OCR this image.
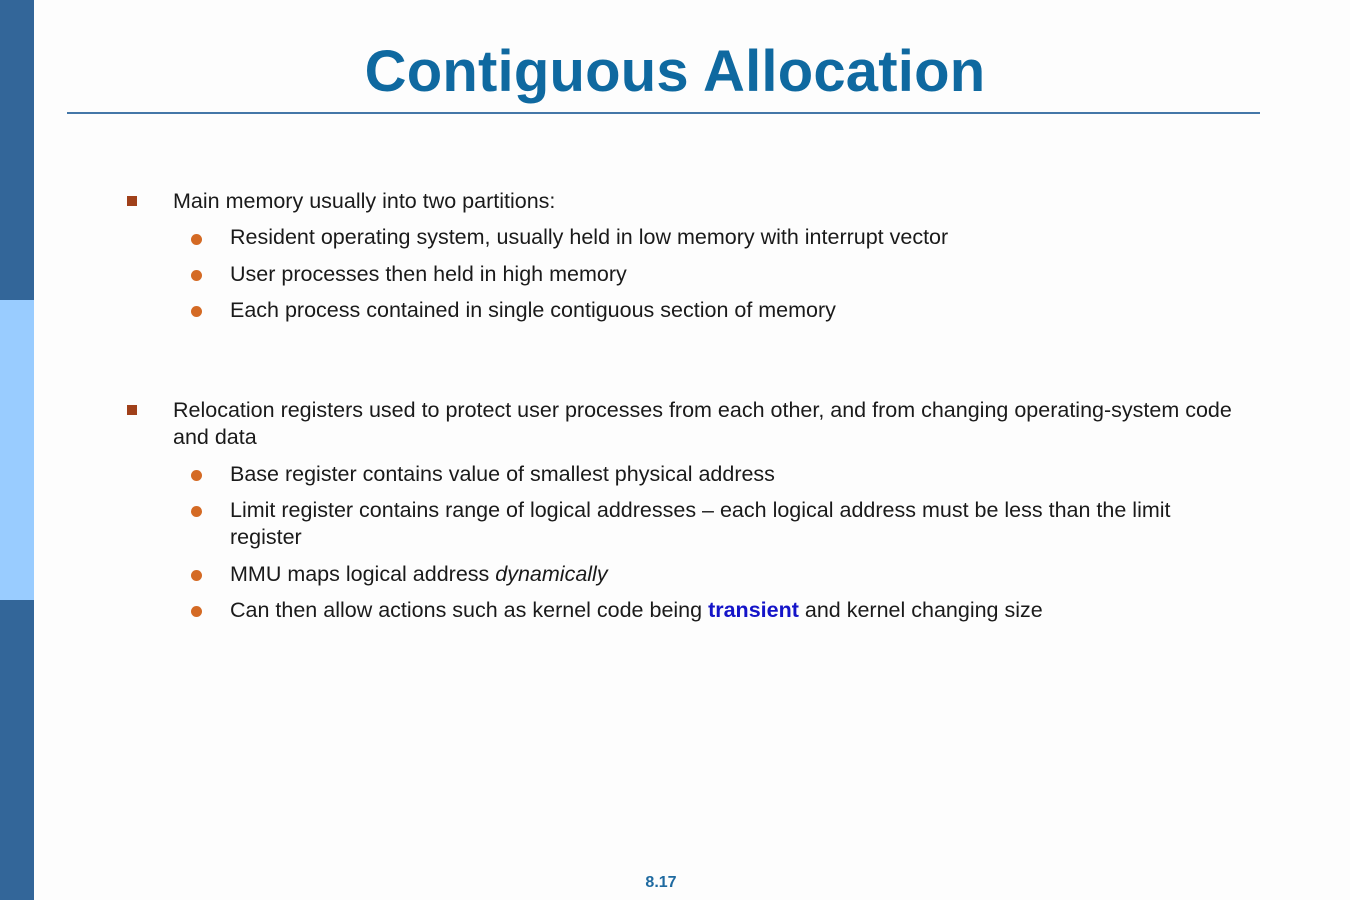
Contiguous Allocation
Main memory usually into two partitions:
Resident operating system, usually held in low memory with interrupt vector
User processes then held in high memory
Each process contained in single contiguous section of memory
Relocation registers used to protect user processes from each other, and from changing operating-system code and data
Base register contains value of smallest physical address
Limit register contains range of logical addresses – each logical address must be less than the limit register
MMU maps logical address dynamically
Can then allow actions such as kernel code being transient and kernel changing size
8.17
